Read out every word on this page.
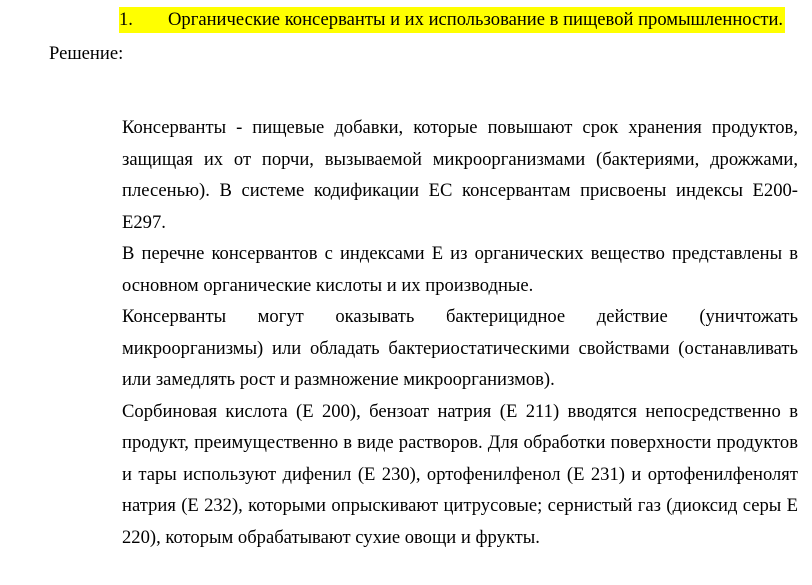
1. Органические консерванты и их использование в пищевой промышленности.
Решение:

Консерванты - пищевые добавки, которые повышают срок хранения продуктов, защищая их от порчи, вызываемой микроорганизмами (бактериями, дрожжами, плесенью). В системе кодификации ЕС консервантам присвоены индексы Е200-Е297.

В перечне консервантов с индексами Е из органических вещество представлены в основном органические кислоты и их производные.

Консерванты могут оказывать бактерицидное действие (уничтожать микроорганизмы) или обладать бактериостатическими свойствами (останавливать или замедлять рост и размножение микроорганизмов).

Сорбиновая кислота (Е 200), бензоат натрия (Е 211) вводятся непосредственно в продукт, преимущественно в виде растворов. Для обработки поверхности продуктов и тары используют дифенил (Е 230), ортофенилфенол (Е 231) и ортофенилфенолят натрия (Е 232), которыми опрыскивают цитрусовые; сернистый газ (диоксид серы Е 220), которым обрабатывают сухие овощи и фрукты.
